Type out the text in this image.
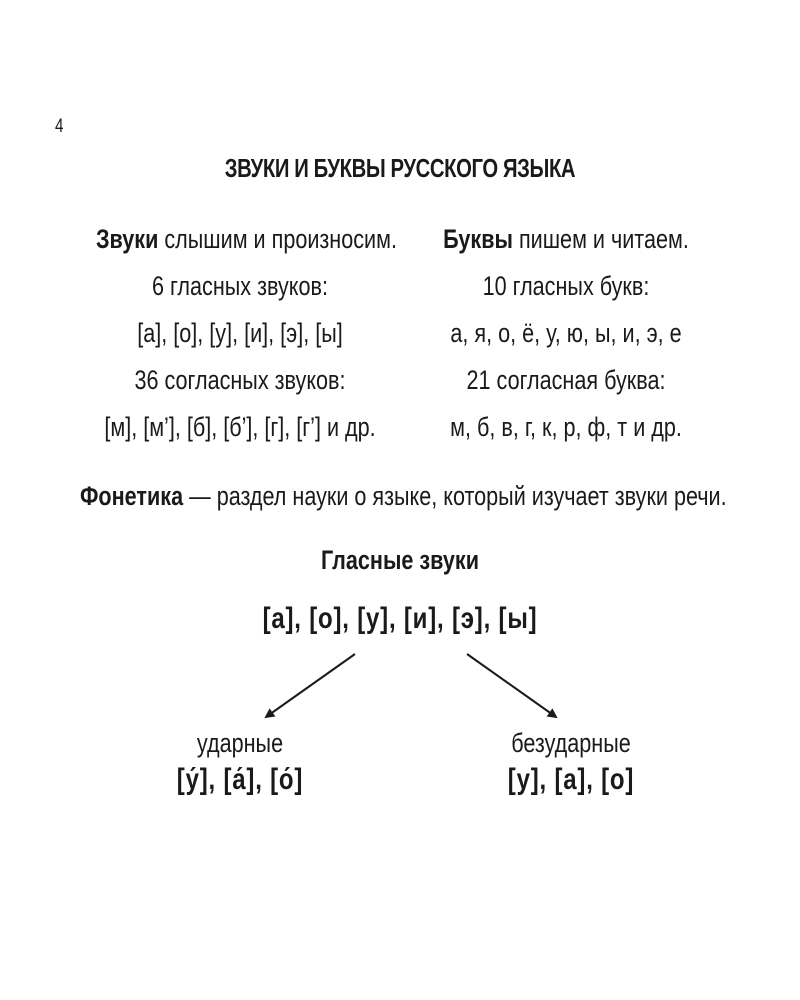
4
ЗВУКИ И БУКВЫ РУССКОГО ЯЗЫКА
Звуки слышим и произносим.
6 гласных звуков:
[а], [о], [у], [и], [э], [ы]
36 согласных звуков:
[м], [м’], [б], [б’], [г], [г’] и др.
Буквы пишем и читаем.
10 гласных букв:
а, я, о, ё, у, ю, ы, и, э, е
21 согласная буква:
м, б, в, г, к, р, ф, т и др.
Фонетика — раздел науки о языке, который изучает звуки речи.
Гласные звуки
[а], [о], [у], [и], [э], [ы]
ударные
[у́], [а́], [о́]
безударные
[у], [а], [о]
